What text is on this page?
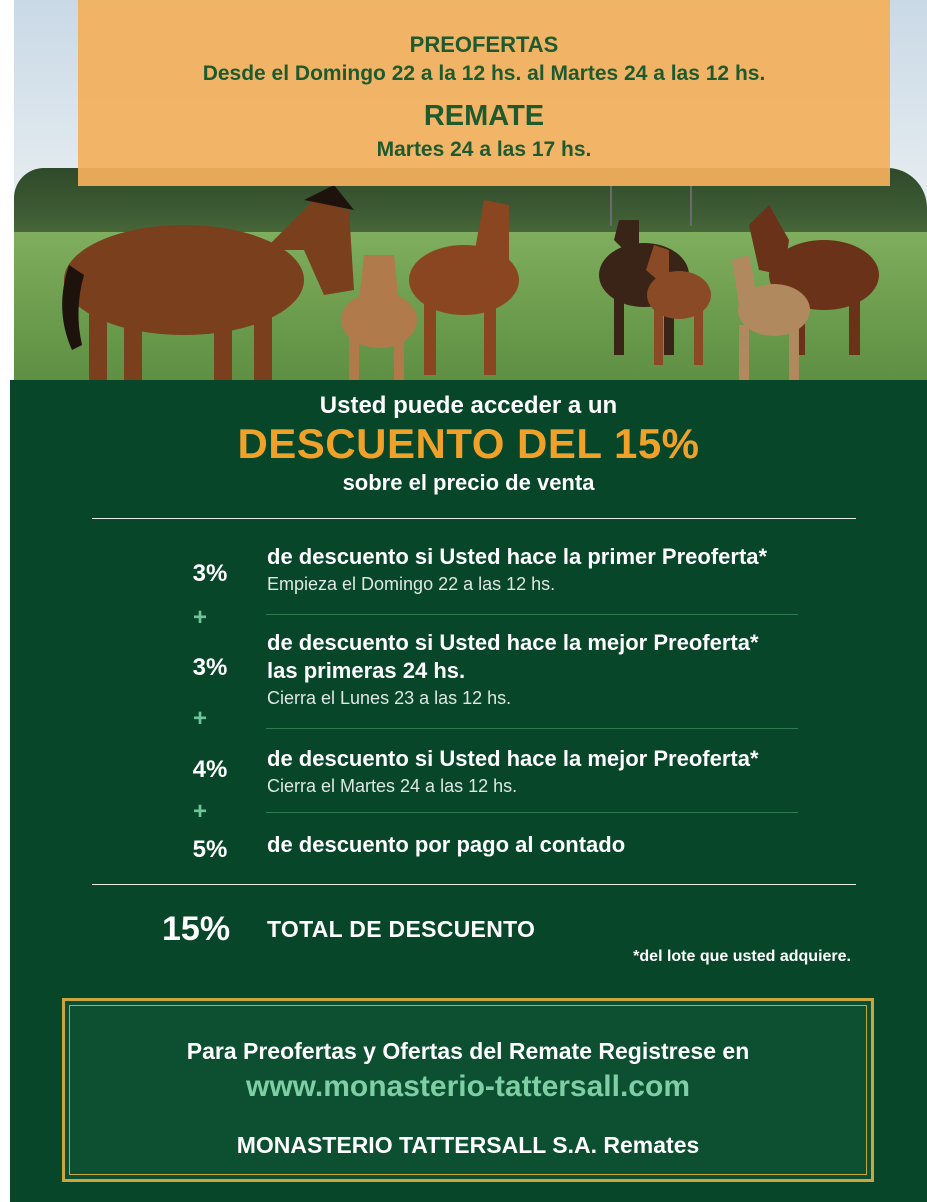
PREOFERTAS
Desde el Domingo 22 a la 12 hs. al Martes 24 a las 12 hs.
REMATE
Martes 24 a las 17 hs.
Usted puede acceder a un
DESCUENTO DEL 15%
sobre el precio de venta
3%
de descuento si Usted hace la primer Preoferta*
Empieza el Domingo 22 a las 12 hs.
+
3%
de descuento si Usted hace la mejor Preoferta*
las primeras 24 hs.
Cierra el Lunes 23 a las 12 hs.
+
4%	de descuento si Usted hace la mejor Preoferta*
Cierra el Martes 24 a las 12 hs.
+
5%	de descuento por pago al contado
15% TOTAL DE DESCUENTO
*del lote que usted adquiere.
Para Preofertas y Ofertas del Remate Registrese en
www.monasterio-tattersall.com
MONASTERIO TATTERSALL S.A. Remates
